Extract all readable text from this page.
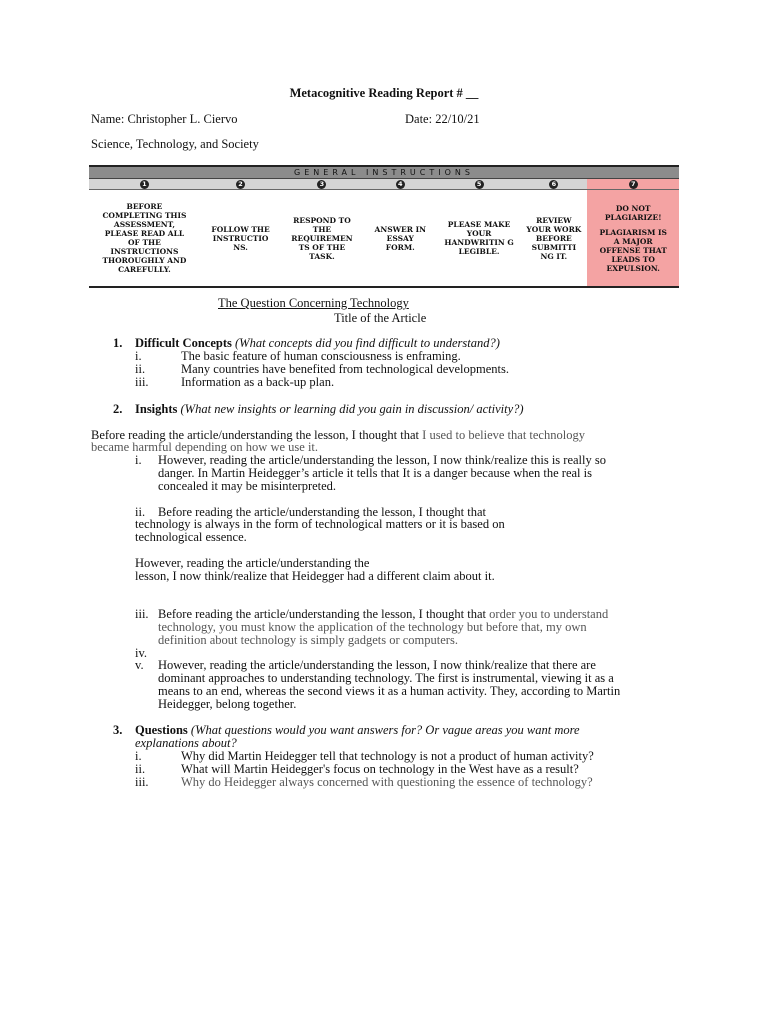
Metacognitive Reading Report # __
Name: Christopher L. Ciervo	Date: 22/10/21
Science, Technology, and Society
GENERAL INSTRUCTIONS						
1	2	3	4	5	6	7

BEFORE COMPLETING THIS ASSESSMENT, PLEASE READ ALL OF THE INSTRUCTIONS THOROUGHLY AND CAREFULLY.	FOLLOW THE INSTRUCTIO NS.	RESPOND TO THE REQUIREMEN TS OF THE TASK.	ANSWER IN ESSAY FORM.	PLEASE MAKE YOUR HANDWRITIN G LEGIBLE.	REVIEW YOUR WORK BEFORE SUBMITTI NG IT.	DO NOT PLAGIARIZE!
PLAGIARISM IS A MAJOR OFFENSE THAT LEADS TO EXPULSION.
The Question Concerning Technology
Title of the Article
1. Difficult Concepts (What concepts did you find difficult to understand?)
i.	The basic feature of human consciousness is enframing.
ii.	Many countries have benefited from technological developments.
iii.	Information as a back-up plan.
2. Insights (What new insights or learning did you gain in discussion/ activity?)
Before reading the article/understanding the lesson, I thought that I used to believe that technology
became harmful depending on how we use it.
i.	However, reading the article/understanding the lesson, I now think/realize this is really so
danger. In Martin Heidegger’s article it tells that It is a danger because when the real is
concealed it may be misinterpreted.
ii.	Before reading the article/understanding the lesson, I thought that
technology is always in the form of technological matters or it is based on
technological essence.
However, reading the article/understanding the
lesson, I now think/realize that Heidegger had a different claim about it.
iii. Before reading the article/understanding the lesson, I thought that order you to understand
technology, you must know the application of the technology but before that, my own
definition about technology is simply gadgets or computers.
iv.
v.	However, reading the article/understanding the lesson, I now think/realize that there are
dominant approaches to understanding technology. The first is instrumental, viewing it as a
means to an end, whereas the second views it as a human activity. They, according to Martin
Heidegger, belong together.
3. Questions (What questions would you want answers for? Or vague areas you want more
explanations about?
i.	Why did Martin Heidegger tell that technology is not a product of human activity?
ii.	What will Martin Heidegger's focus on technology in the West have as a result?
iii.	Why do Heidegger always concerned with questioning the essence of technology?
